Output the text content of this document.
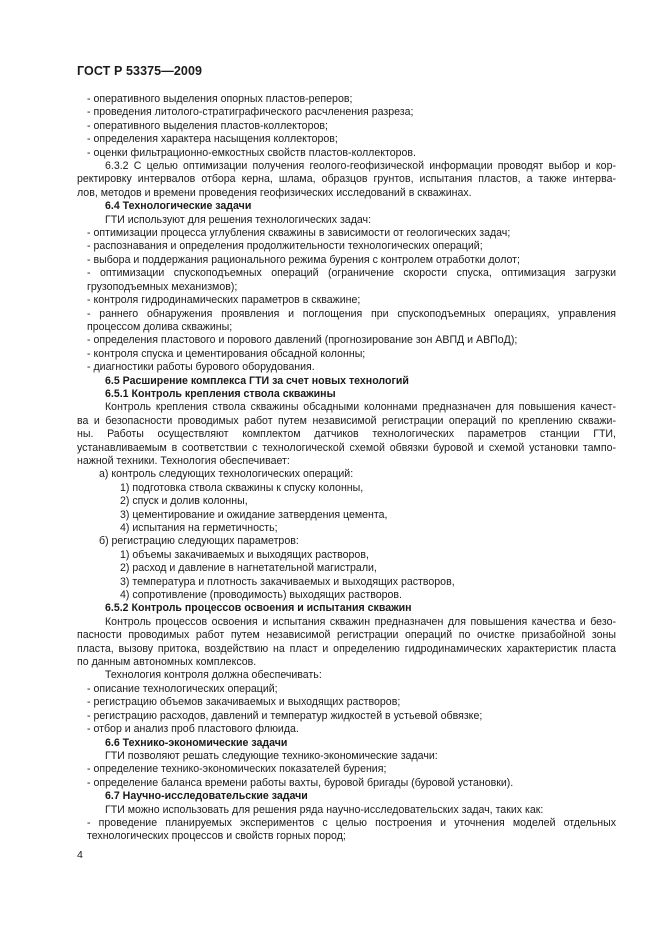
ГОСТ Р 53375—2009
- оперативного выделения опорных пластов-реперов;
- проведения литолого-стратиграфического расчленения разреза;
- оперативного выделения пластов-коллекторов;
- определения характера насыщения коллекторов;
- оценки фильтрационно-емкостных свойств пластов-коллекторов.
6.3.2 С целью оптимизации получения геолого-геофизической информации проводят выбор и кор-
ректировку интервалов отбора керна, шлама, образцов грунтов, испытания пластов, а также интерва-
лов, методов и времени проведения геофизических исследований в скважинах.
6.4 Технологические задачи
ГТИ используют для решения технологических задач:
- оптимизации процесса углубления скважины в зависимости от геологических задач;
- распознавания и определения продолжительности технологических операций;
- выбора и поддержания рационального режима бурения с контролем отработки долот;
- оптимизации спускоподъемных операций (ограничение скорости спуска, оптимизация загрузки
грузоподъемных механизмов);
- контроля гидродинамических параметров в скважине;
- раннего обнаружения проявления и поглощения при спускоподъемных операциях, управления
процессом долива скважины;
- определения пластового и порового давлений (прогнозирование зон АВПД и АВПоД);
- контроля спуска и цементирования обсадной колонны;
- диагностики работы бурового оборудования.
6.5 Расширение комплекса ГТИ за счет новых технологий
6.5.1 Контроль крепления ствола скважины
Контроль крепления ствола скважины обсадными колоннами предназначен для повышения качест-
ва и безопасности проводимых работ путем независимой регистрации операций по креплению скважи-
ны. Работы осуществляют комплектом датчиков технологических параметров станции ГТИ,
устанавливаемым в соответствии с технологической схемой обвязки буровой и схемой установки тампо-
нажной техники. Технология обеспечивает:
а) контроль следующих технологических операций:
1) подготовка ствола скважины к спуску колонны,
2) спуск и долив колонны,
3) цементирование и ожидание затвердения цемента,
4) испытания на герметичность;
б) регистрацию следующих параметров:
1) объемы закачиваемых и выходящих растворов,
2) расход и давление в нагнетательной магистрали,
3) температура и плотность закачиваемых и выходящих растворов,
4) сопротивление (проводимость) выходящих растворов.
6.5.2 Контроль процессов освоения и испытания скважин
Контроль процессов освоения и испытания скважин предназначен для повышения качества и безо-
пасности проводимых работ путем независимой регистрации операций по очистке призабойной зоны
пласта, вызову притока, воздействию на пласт и определению гидродинамических характеристик пласта
по данным автономных комплексов.
Технология контроля должна обеспечивать:
- описание технологических операций;
- регистрацию объемов закачиваемых и выходящих растворов;
- регистрацию расходов, давлений и температур жидкостей в устьевой обвязке;
- отбор и анализ проб пластового флюида.
6.6 Технико-экономические задачи
ГТИ позволяют решать следующие технико-экономические задачи:
- определение технико-экономических показателей бурения;
- определение баланса времени работы вахты, буровой бригады (буровой установки).
6.7 Научно-исследовательские задачи
ГТИ можно использовать для решения ряда научно-исследовательских задач, таких как:
- проведение планируемых экспериментов с целью построения и уточнения моделей отдельных
технологических процессов и свойств горных пород;
4
